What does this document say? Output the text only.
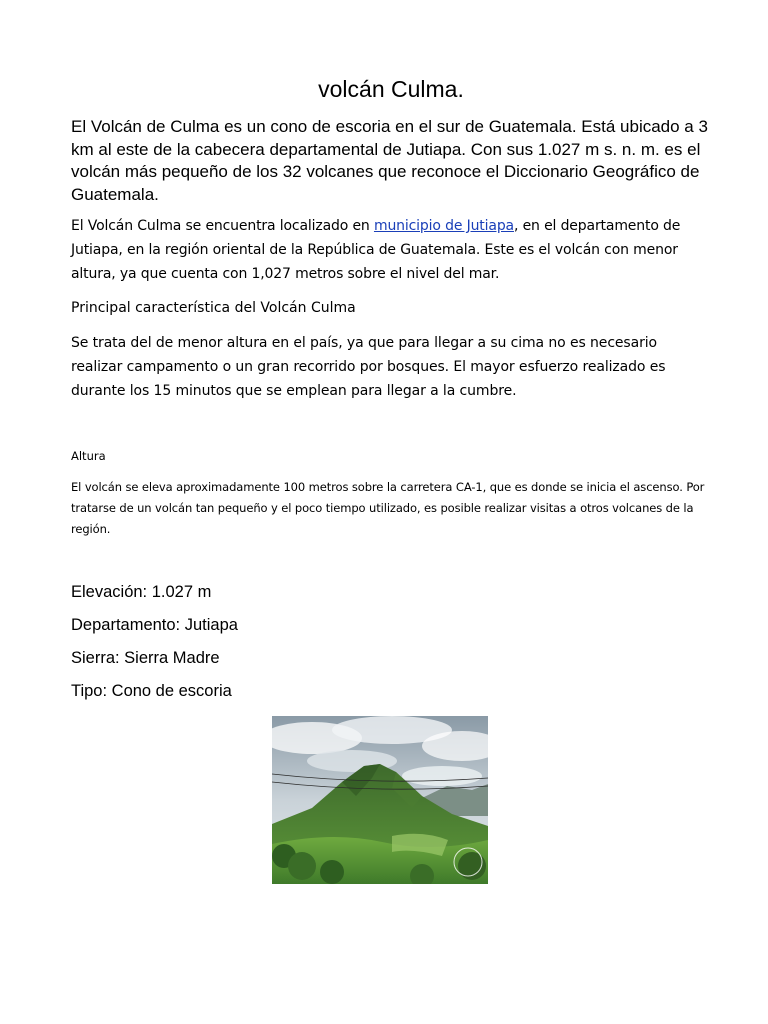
volcán Culma.

El Volcán de Culma es un cono de escoria en el sur de Guatemala. Está ubicado a 3 km al este de la cabecera departamental de Jutiapa. Con sus 1.027 m s. n. m. es el volcán más pequeño de los 32 volcanes que reconoce el Diccionario Geográfico de Guatemala.

El Volcán Culma se encuentra localizado en municipio de Jutiapa, en el departamento de Jutiapa, en la región oriental de la República de Guatemala. Este es el volcán con menor altura, ya que cuenta con 1,027 metros sobre el nivel del mar.

Principal característica del Volcán Culma

Se trata del de menor altura en el país, ya que para llegar a su cima no es necesario realizar campamento o un gran recorrido por bosques. El mayor esfuerzo realizado es durante los 15 minutos que se emplean para llegar a la cumbre.

Altura

El volcán se eleva aproximadamente 100 metros sobre la carretera CA-1, que es donde se inicia el ascenso. Por tratarse de un volcán tan pequeño y el poco tiempo utilizado, es posible realizar visitas a otros volcanes de la región.

Elevación: 1.027 m
Departamento: Jutiapa
Sierra: Sierra Madre
Tipo: Cono de escoria
